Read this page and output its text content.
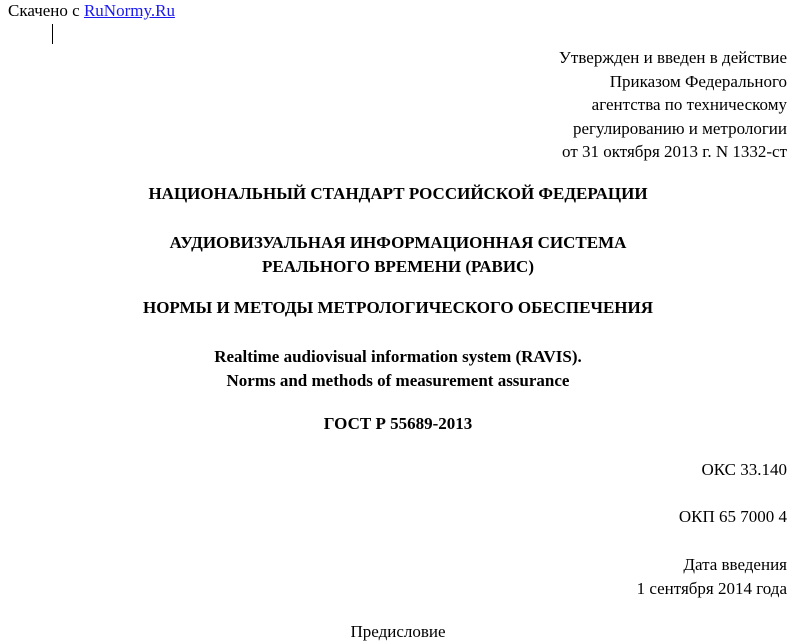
Скачено с RuNormy.Ru
Утвержден и введен в действие
Приказом Федерального
агентства по техническому
регулированию и метрологии
от 31 октября 2013 г. N 1332-ст
НАЦИОНАЛЬНЫЙ СТАНДАРТ РОССИЙСКОЙ ФЕДЕРАЦИИ
АУДИОВИЗУАЛЬНАЯ ИНФОРМАЦИОННАЯ СИСТЕМА
РЕАЛЬНОГО ВРЕМЕНИ (РАВИС)
НОРМЫ И МЕТОДЫ МЕТРОЛОГИЧЕСКОГО ОБЕСПЕЧЕНИЯ
Realtime audiovisual information system (RAVIS).
Norms and methods of measurement assurance
ГОСТ Р 55689-2013
ОКС 33.140
ОКП 65 7000 4
Дата введения
1 сентября 2014 года
Предисловие
